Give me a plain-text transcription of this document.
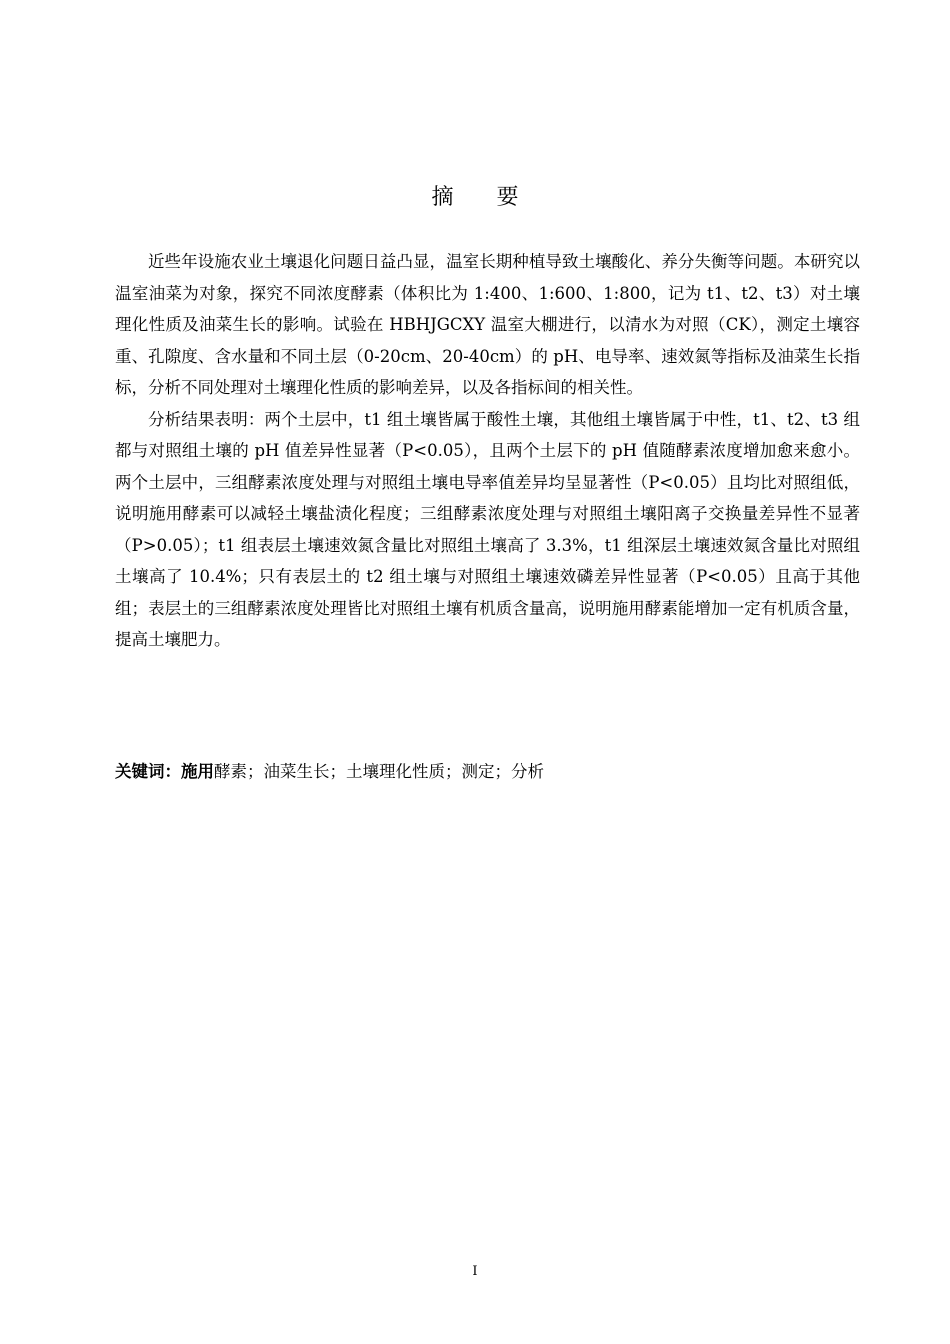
摘 要

近些年设施农业土壤退化问题日益凸显，温室长期种植导致土壤酸化、养分失衡等问题。本研究以温室油菜为对象，探究不同浓度酵素（体积比为 1:400、1:600、1:800，记为 t1、t2、t3）对土壤理化性质及油菜生长的影响。试验在 HBHJGCXY 温室大棚进行，以清水为对照（CK），测定土壤容重、孔隙度、含水量和不同土层（0-20cm、20-40cm）的 pH、电导率、速效氮等指标及油菜生长指标，分析不同处理对土壤理化性质的影响差异，以及各指标间的相关性。

分析结果表明：两个土层中，t1 组土壤皆属于酸性土壤，其他组土壤皆属于中性，t1、t2、t3 组都与对照组土壤的 pH 值差异性显著（P<0.05），且两个土层下的 pH 值随酵素浓度增加愈来愈小。两个土层中，三组酵素浓度处理与对照组土壤电导率值差异均呈显著性（P<0.05）且均比对照组低，说明施用酵素可以减轻土壤盐渍化程度；三组酵素浓度处理与对照组土壤阳离子交换量差异性不显著（P>0.05）；t1 组表层土壤速效氮含量比对照组土壤高了 3.3%，t1 组深层土壤速效氮含量比对照组土壤高了 10.4%；只有表层土的 t2 组土壤与对照组土壤速效磷差异性显著（P<0.05）且高于其他组；表层土的三组酵素浓度处理皆比对照组土壤有机质含量高，说明施用酵素能增加一定有机质含量，提高土壤肥力。

关键词：施用酵素；油菜生长；土壤理化性质；测定；分析
I
